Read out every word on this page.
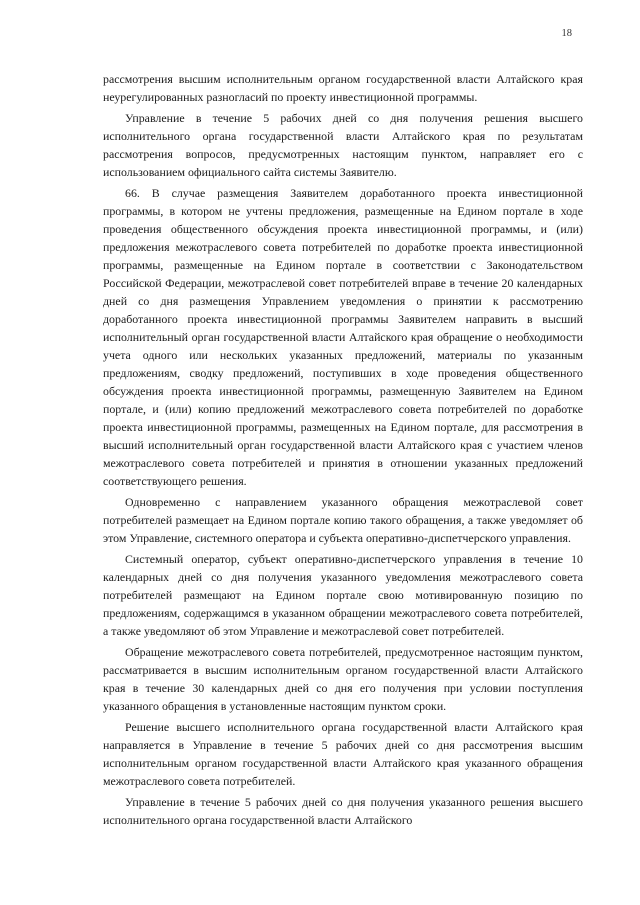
18

рассмотрения высшим исполнительным органом государственной власти Алтайского края неурегулированных разногласий по проекту инвестиционной программы.

Управление в течение 5 рабочих дней со дня получения решения высшего исполнительного органа государственной власти Алтайского края по результатам рассмотрения вопросов, предусмотренных настоящим пунктом, направляет его с использованием официального сайта системы Заявителю.

66. В случае размещения Заявителем доработанного проекта инвестиционной программы, в котором не учтены предложения, размещенные на Едином портале в ходе проведения общественного обсуждения проекта инвестиционной программы, и (или) предложения межотраслевого совета потребителей по доработке проекта инвестиционной программы, размещенные на Едином портале в соответствии с Законодательством Российской Федерации, межотраслевой совет потребителей вправе в течение 20 календарных дней со дня размещения Управлением уведомления о принятии к рассмотрению доработанного проекта инвестиционной программы Заявителем направить в высший исполнительный орган государственной власти Алтайского края обращение о необходимости учета одного или нескольких указанных предложений, материалы по указанным предложениям, сводку предложений, поступивших в ходе проведения общественного обсуждения проекта инвестиционной программы, размещенную Заявителем на Едином портале, и (или) копию предложений межотраслевого совета потребителей по доработке проекта инвестиционной программы, размещенных на Едином портале, для рассмотрения в высший исполнительный орган государственной власти Алтайского края с участием членов межотраслевого совета потребителей и принятия в отношении указанных предложений соответствующего решения.

Одновременно с направлением указанного обращения межотраслевой совет потребителей размещает на Едином портале копию такого обращения, а также уведомляет об этом Управление, системного оператора и субъекта оперативно-диспетчерского управления.

Системный оператор, субъект оперативно-диспетчерского управления в течение 10 календарных дней со дня получения указанного уведомления межотраслевого совета потребителей размещают на Едином портале свою мотивированную позицию по предложениям, содержащимся в указанном обращении межотраслевого совета потребителей, а также уведомляют об этом Управление и межотраслевой совет потребителей.

Обращение межотраслевого совета потребителей, предусмотренное настоящим пунктом, рассматривается в высшим исполнительным органом государственной власти Алтайского края в течение 30 календарных дней со дня его получения при условии поступления указанного обращения в установленные настоящим пунктом сроки.

Решение высшего исполнительного органа государственной власти Алтайского края направляется в Управление в течение 5 рабочих дней со дня рассмотрения высшим исполнительным органом государственной власти Алтайского края указанного обращения межотраслевого совета потребителей.

Управление в течение 5 рабочих дней со дня получения указанного решения высшего исполнительного органа государственной власти Алтайского
